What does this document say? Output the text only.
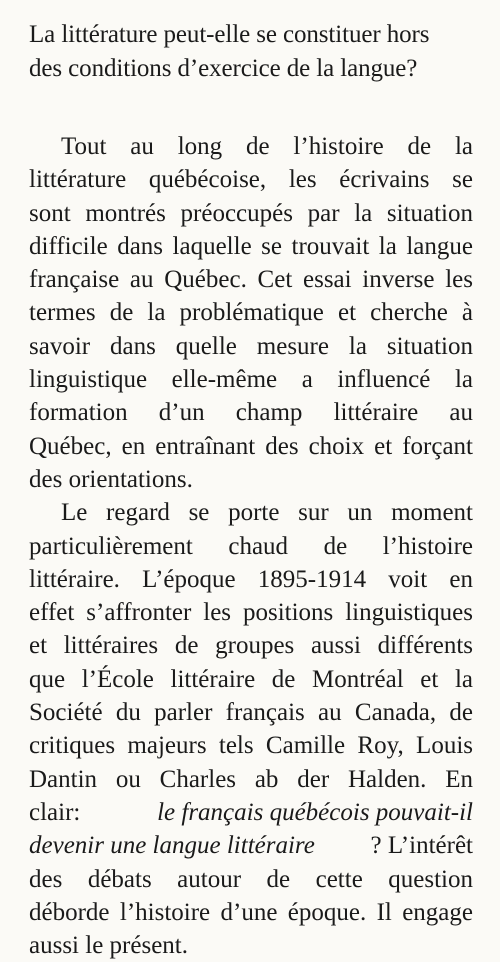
La littérature peut-elle se constituer hors

des conditions d’exercice de la langue?

Tout au long de l’histoire de la
littérature québécoise, les écrivains se
sont montrés préoccupés par la situation
difficile dans laquelle se trouvait la langue
française au Québec. Cet essai inverse les
termes de la problématique et cherche à
savoir dans quelle mesure la situation
linguistique elle-même a influencé la
formation d’un champ littéraire au
Québec, en entraînant des choix et forçant
des orientations.
Le regard se porte sur un moment
particulièrement chaud de l’histoire
littéraire. L’époque 1895-1914 voit en
effet s’affronter les positions linguistiques
et littéraires de groupes aussi différents
que l’École littéraire de Montréal et la
Société du parler français au Canada, de
critiques majeurs tels Camille Roy, Louis
Dantin ou Charles ab der Halden. En
clair:	le français québécois pouvait-il
devenir une langue littéraire ? L’intérêt
des débats autour de cette question
déborde l’histoire d’une époque. Il engage
aussi le présent.
